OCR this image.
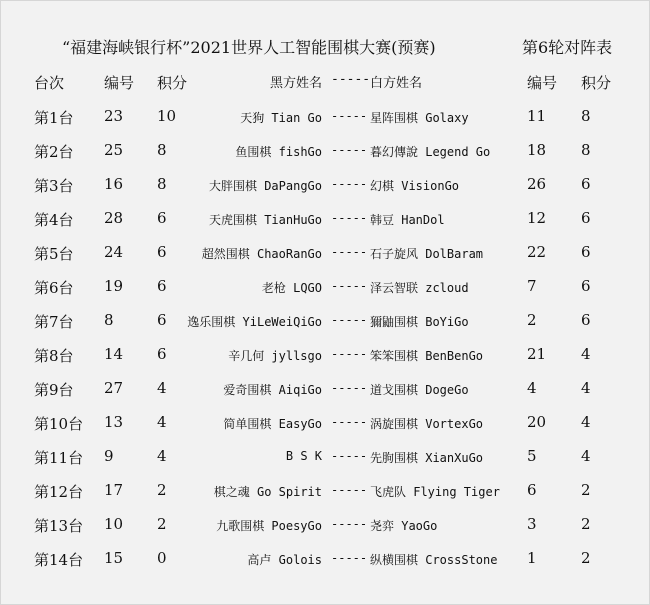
“福建海峡银行杯”2021世界人工智能围棋大赛(预赛)	第6轮对阵表
台次	编号 积分	黑方姓名 ----- 白方姓名	编号 积分
第1台 23 10	天狗 Tian Go ----- 星阵围棋 Golaxy	11 8
第2台 25 8	鱼围棋 fishGo ----- 暮幻傳說 Legend Go 18 8
第3台 16 8	大胖围棋 DaPangGo ----- 幻棋 VisionGo	26 6
第4台 28 6	天虎围棋 TianHuGo ----- 韩豆 HanDol	12 6
第5台 24 6	超然围棋 ChaoRanGo ----- 石子旋风 DolBaram	22 6
第6台 19 6	老枪 LQGO ----- 泽云智联 zcloud	7	6
第7台 8	6 逸乐围棋 YiLeWeiQiGo ----- 獮鼬围棋 BoYiGo	2	6
第8台 14 6	辛几何 jyllsgo ----- 笨笨围棋 BenBenGo	21 4
第9台 27 4	爱奇围棋 AiqiGo ----- 道戈围棋 DogeGo	4	4
第10台 13 4	简单围棋 EasyGo ----- 涡旋围棋 VortexGo	20 4
第11台 9	4	B S K ----- 先朐围棋 XianXuGo	5	4
第12台 17 2	棋之魂 Go Spirit ----- 飞虎队 Flying Tiger 6	2
第13台 10 2	九歌围棋 PoesyGo ----- 尧弈 YaoGo	3	2
第14台 15 0	高卢 Golois ----- 纵横围棋 CrossStone 1	2
